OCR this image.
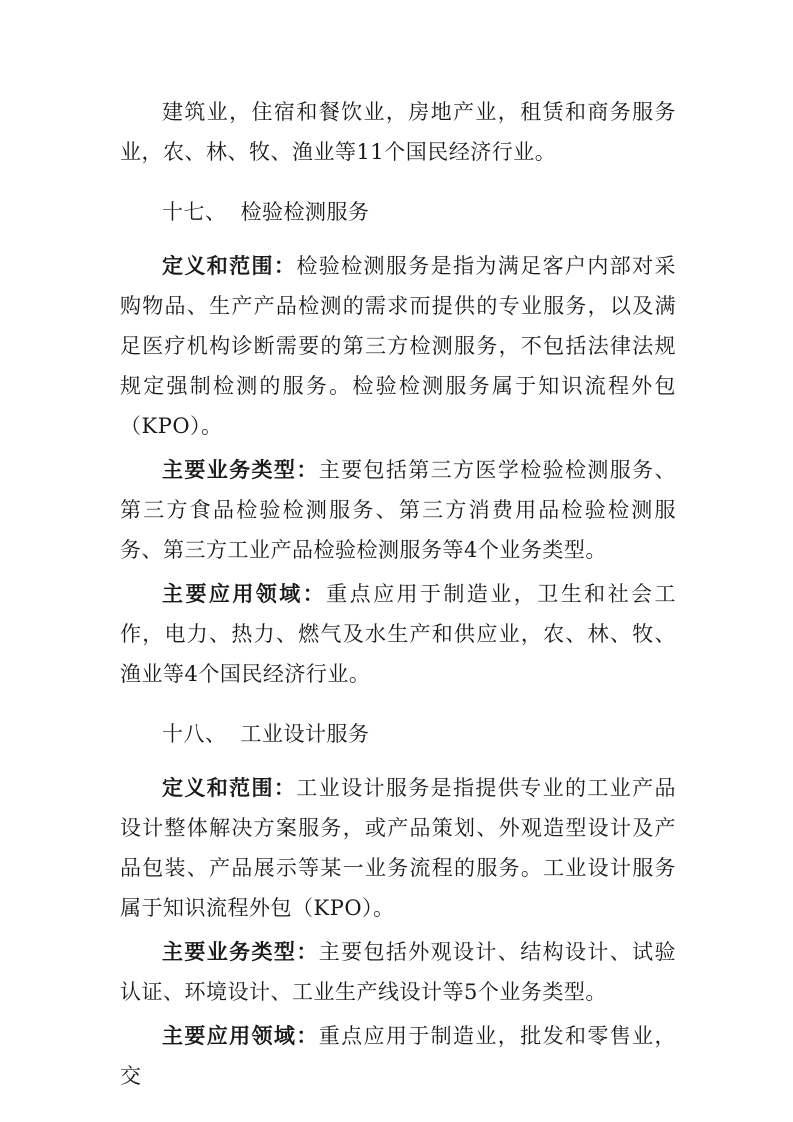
建筑业，住宿和餐饮业，房地产业，租赁和商务服务业，农、林、牧、渔业等11个国民经济行业。

十七、 检验检测服务

定义和范围：检验检测服务是指为满足客户内部对采购物品、生产产品检测的需求而提供的专业服务，以及满足医疗机构诊断需要的第三方检测服务，不包括法律法规规定强制检测的服务。检验检测服务属于知识流程外包（KPO）。

主要业务类型：主要包括第三方医学检验检测服务、第三方食品检验检测服务、第三方消费用品检验检测服务、第三方工业产品检验检测服务等4个业务类型。

主要应用领域：重点应用于制造业，卫生和社会工作，电力、热力、燃气及水生产和供应业，农、林、牧、渔业等4个国民经济行业。

十八、 工业设计服务

定义和范围：工业设计服务是指提供专业的工业产品设计整体解决方案服务，或产品策划、外观造型设计及产品包装、产品展示等某一业务流程的服务。工业设计服务属于知识流程外包（KPO）。

主要业务类型：主要包括外观设计、结构设计、试验认证、环境设计、工业生产线设计等5个业务类型。

主要应用领域：重点应用于制造业，批发和零售业，交
